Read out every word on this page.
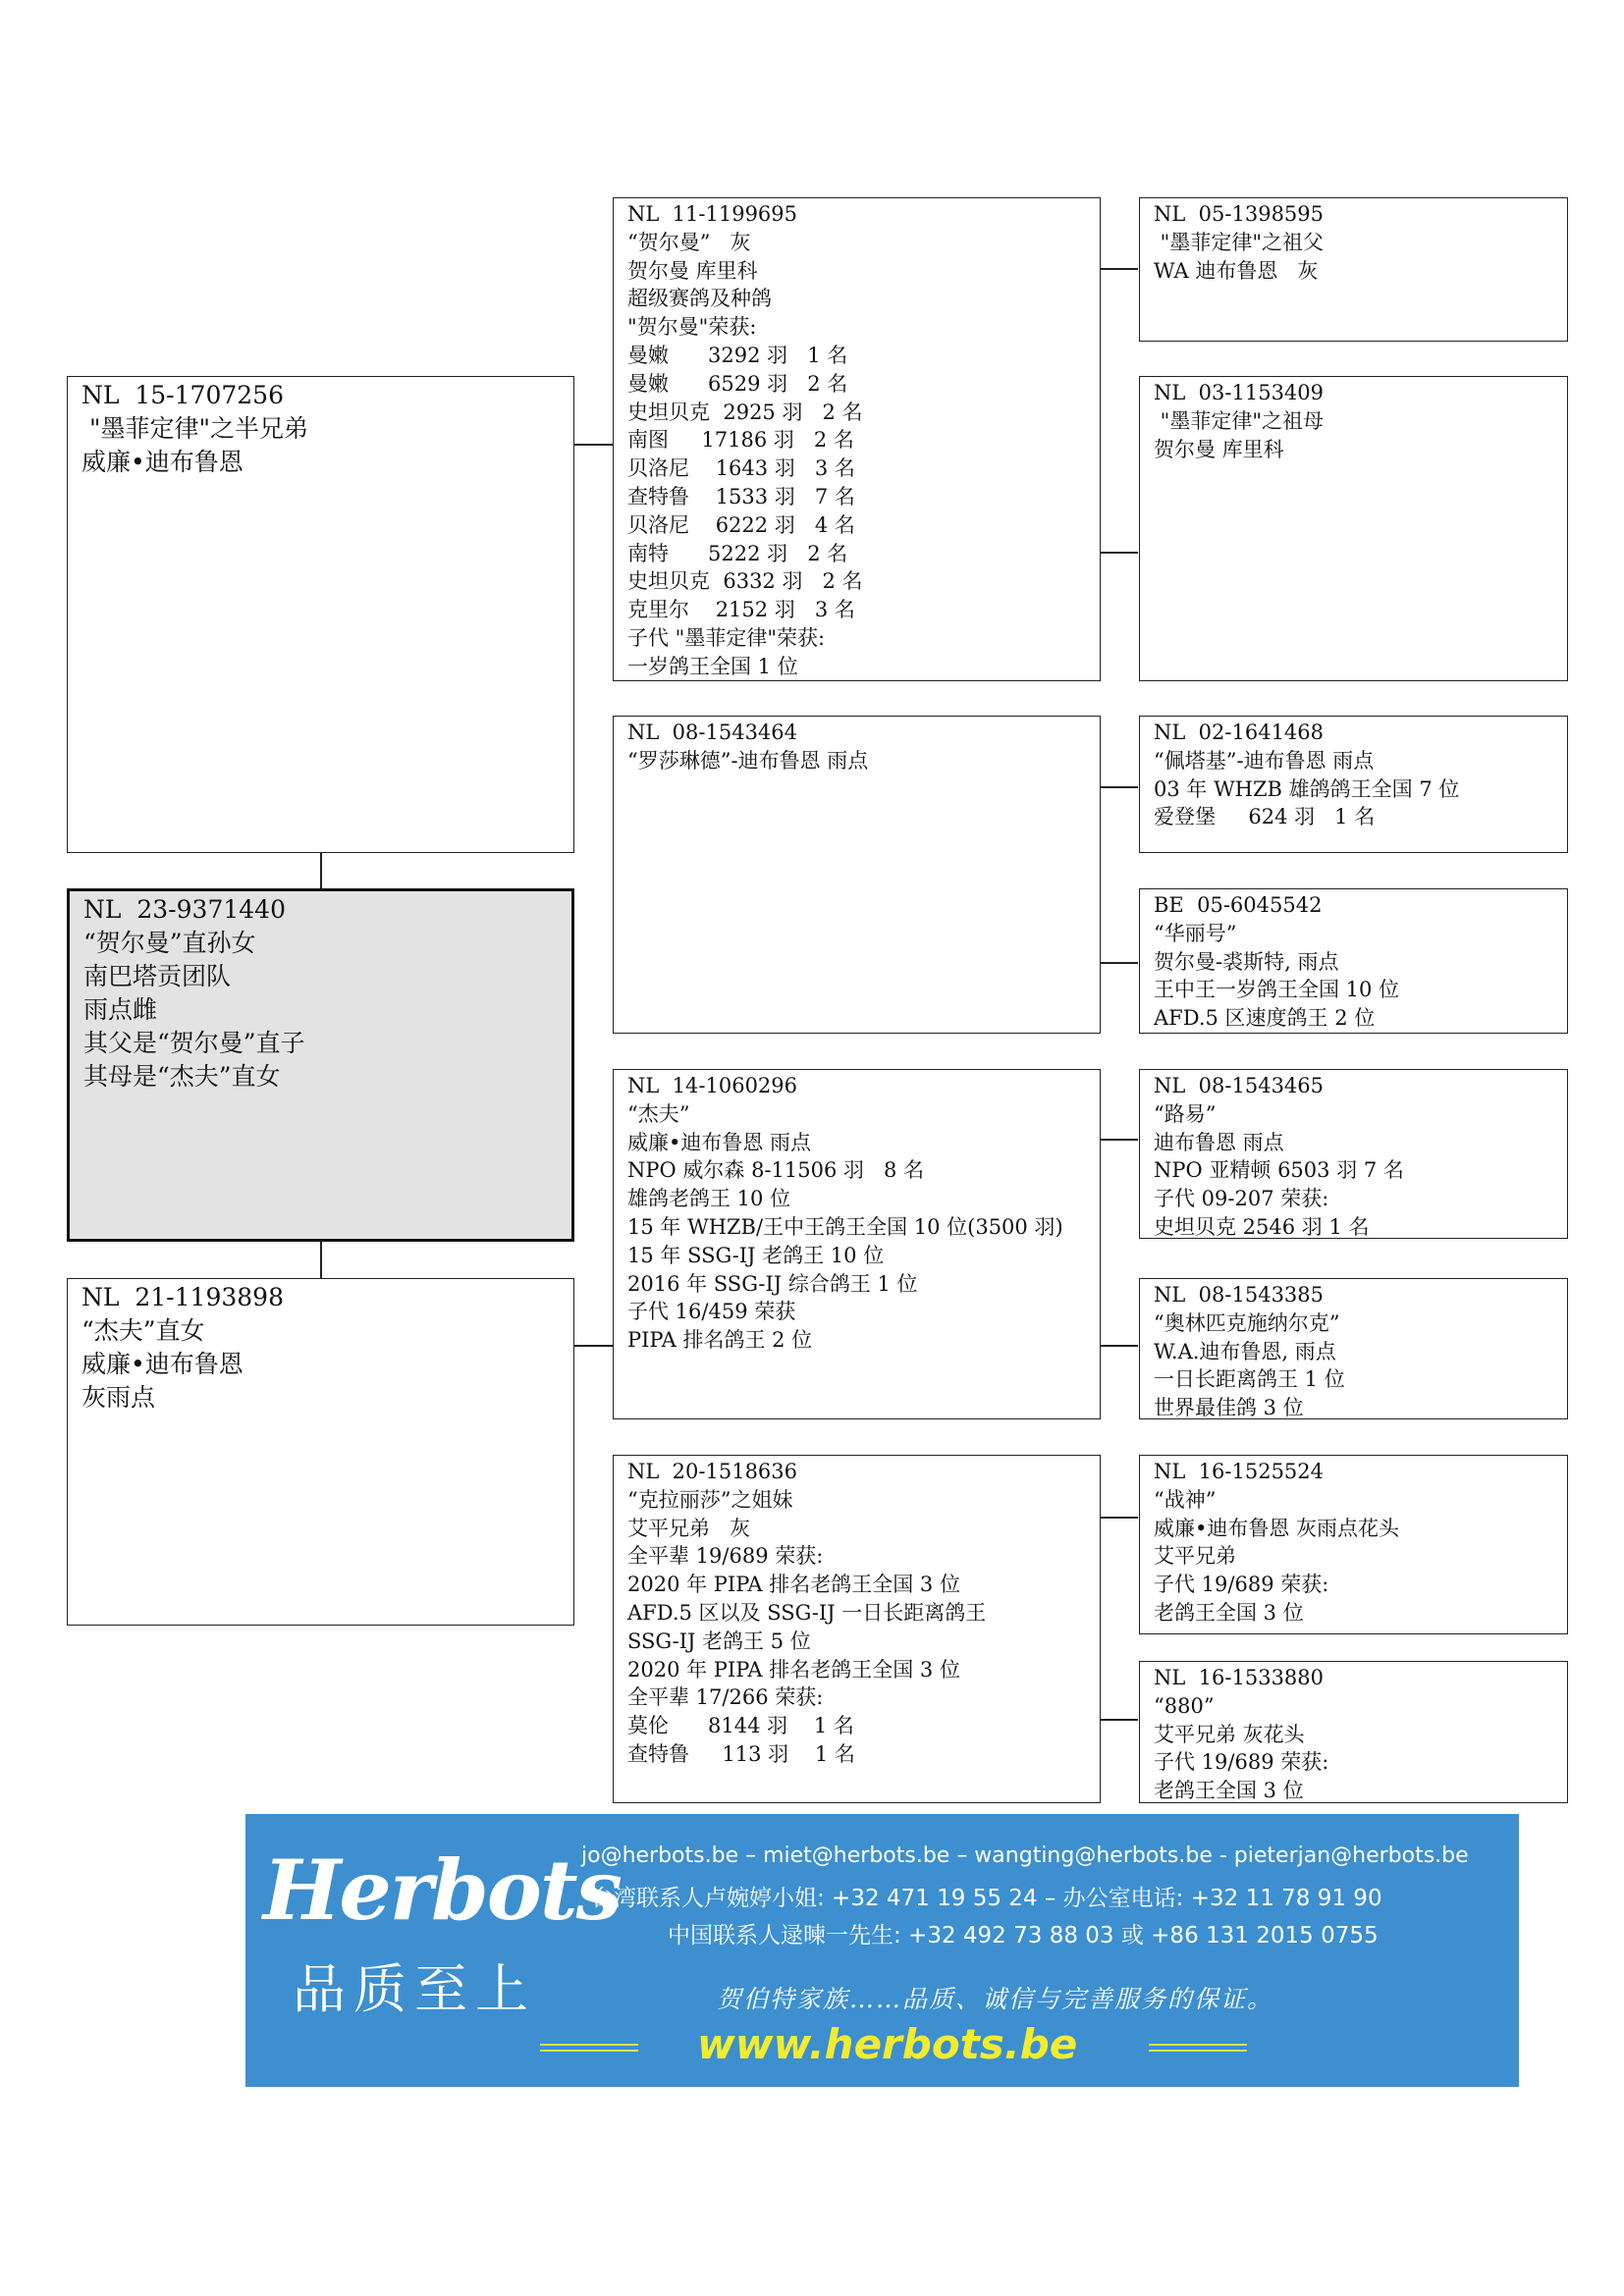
NL  15-1707256
"墨菲定律"之半兄弟
威廉•迪布鲁恩
NL  23-9371440
“贺尔曼”直孙女
南巴塔贡团队
雨点雌
其父是“贺尔曼”直子
其母是“杰夫”直女
NL  21-1193898
“杰夫”直女
威廉•迪布鲁恩
灰雨点
NL  11-1199695
“贺尔曼”   灰
贺尔曼 库里科
超级赛鸽及种鸽
"贺尔曼"荣获:
曼嫩      3292 羽   1 名
曼嫩      6529 羽   2 名
史坦贝克  2925 羽   2 名
南图     17186 羽   2 名
贝洛尼    1643 羽   3 名
查特鲁    1533 羽   7 名
贝洛尼    6222 羽   4 名
南特      5222 羽   2 名
史坦贝克  6332 羽   2 名
克里尔    2152 羽   3 名
子代 "墨菲定律"荣获:
一岁鸽王全国 1 位
NL  08-1543464
“罗莎琳德”-迪布鲁恩 雨点
NL  14-1060296
“杰夫”
威廉•迪布鲁恩 雨点
NPO 威尔森 8-11506 羽   8 名
雄鸽老鸽王 10 位
15 年 WHZB/王中王鸽王全国 10 位(3500 羽)
15 年 SSG-IJ 老鸽王 10 位
2016 年 SSG-IJ 综合鸽王 1 位
子代 16/459 荣获
PIPA 排名鸽王 2 位
NL  20-1518636
“克拉丽莎”之姐妹
艾平兄弟   灰
全平辈 19/689 荣获:
2020 年 PIPA 排名老鸽王全国 3 位
AFD.5 区以及 SSG-IJ 一日长距离鸽王
SSG-IJ 老鸽王 5 位
2020 年 PIPA 排名老鸽王全国 3 位
全平辈 17/266 荣获:
莫伦      8144 羽    1 名
查特鲁     113 羽    1 名
NL  05-1398595
"墨菲定律"之祖父
WA 迪布鲁恩   灰
NL  03-1153409
"墨菲定律"之祖母
贺尔曼 库里科
NL  02-1641468
“佩塔基”-迪布鲁恩 雨点
03 年 WHZB 雄鸽鸽王全国 7 位
爱登堡     624 羽   1 名
BE  05-6045542
“华丽号”
贺尔曼-裘斯特, 雨点
王中王一岁鸽王全国 10 位
AFD.5 区速度鸽王 2 位
NL  08-1543465
“路易”
迪布鲁恩 雨点
NPO 亚精顿 6503 羽 7 名
子代 09-207 荣获:
史坦贝克 2546 羽 1 名
NL  08-1543385
“奥林匹克施纳尔克”
W.A.迪布鲁恩, 雨点
一日长距离鸽王 1 位
世界最佳鸽 3 位
NL  16-1525524
“战神”
威廉•迪布鲁恩 灰雨点花头
艾平兄弟
子代 19/689 荣获:
老鸽王全国 3 位
NL  16-1533880
“880”
艾平兄弟 灰花头
子代 19/689 荣获:
老鸽王全国 3 位
Herbots
品质至上
jo@herbots.be – miet@herbots.be – wangting@herbots.be - pieterjan@herbots.be
台湾联系人卢婉婷小姐: +32 471 19 55 24 – 办公室电话: +32 11 78 91 90
中国联系人逯暕一先生: +32 492 73 88 03 或 +86 131 2015 0755
贺伯特家族……品质、诚信与完善服务的保证。
www.herbots.be
